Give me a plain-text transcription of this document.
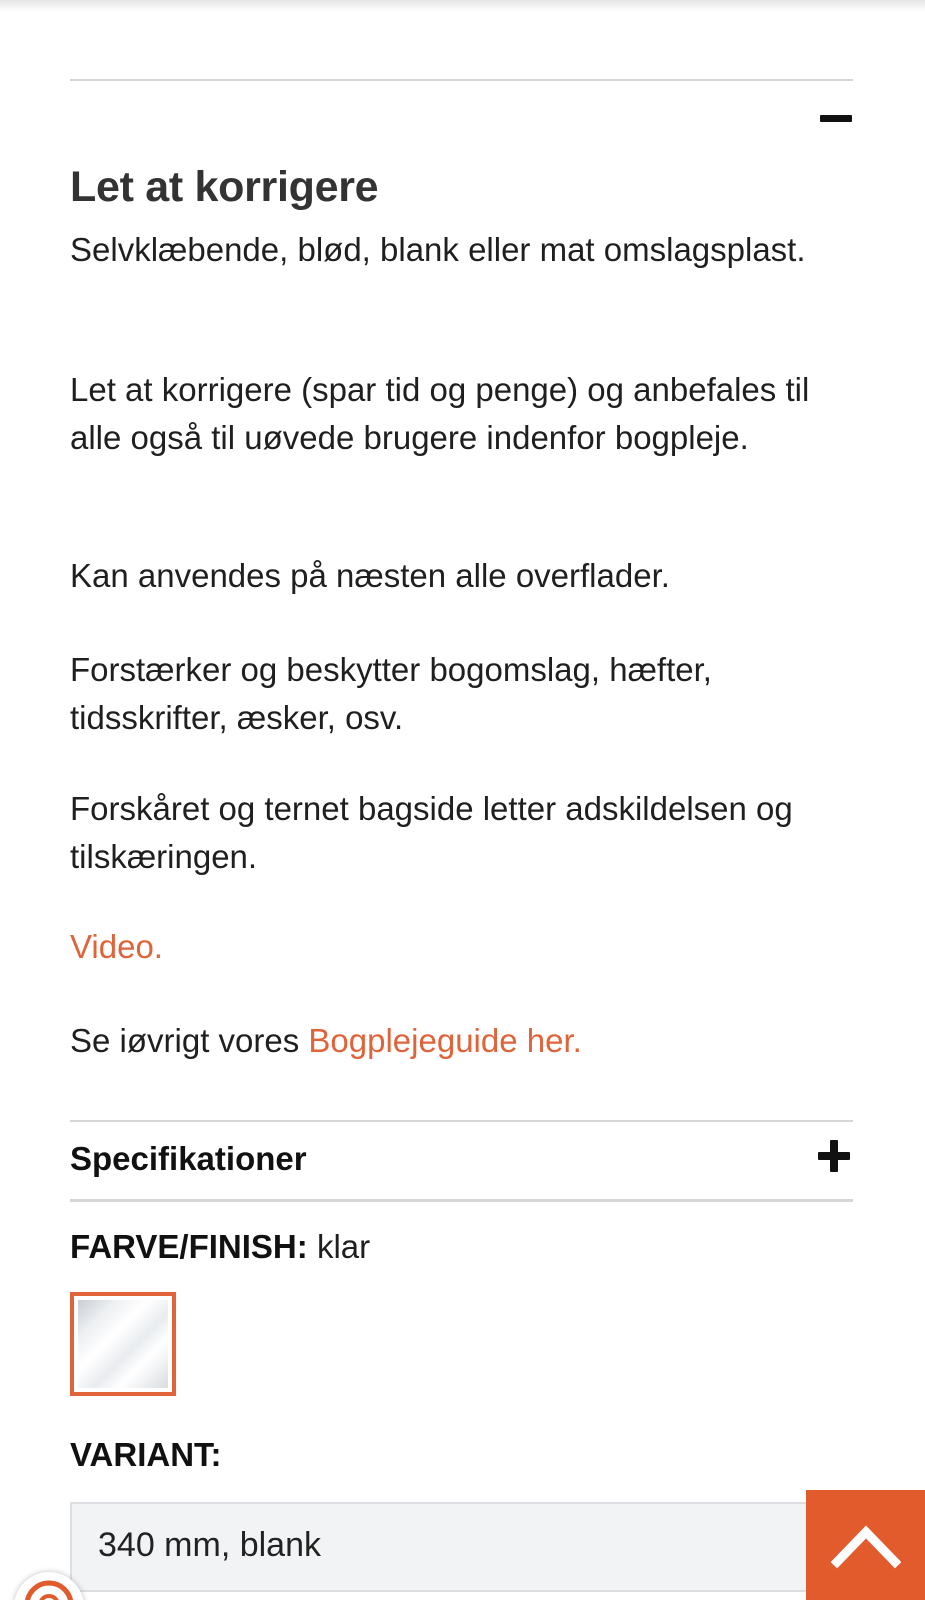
Let at korrigere

Selvklæbende, blød, blank eller mat omslagsplast.

Let at korrigere (spar tid og penge) og anbefales til alle også til uøvede brugere indenfor bogpleje.

Kan anvendes på næsten alle overflader.

Forstærker og beskytter bogomslag, hæfter, tidsskrifter, æsker, osv.

Forskåret og ternet bagside letter adskildelsen og tilskæringen.

Video.

Se iøvrigt vores Bogplejeguide her.

Specifikationer
FARVE/FINISH: klar
VARIANT:
340 mm, blank
